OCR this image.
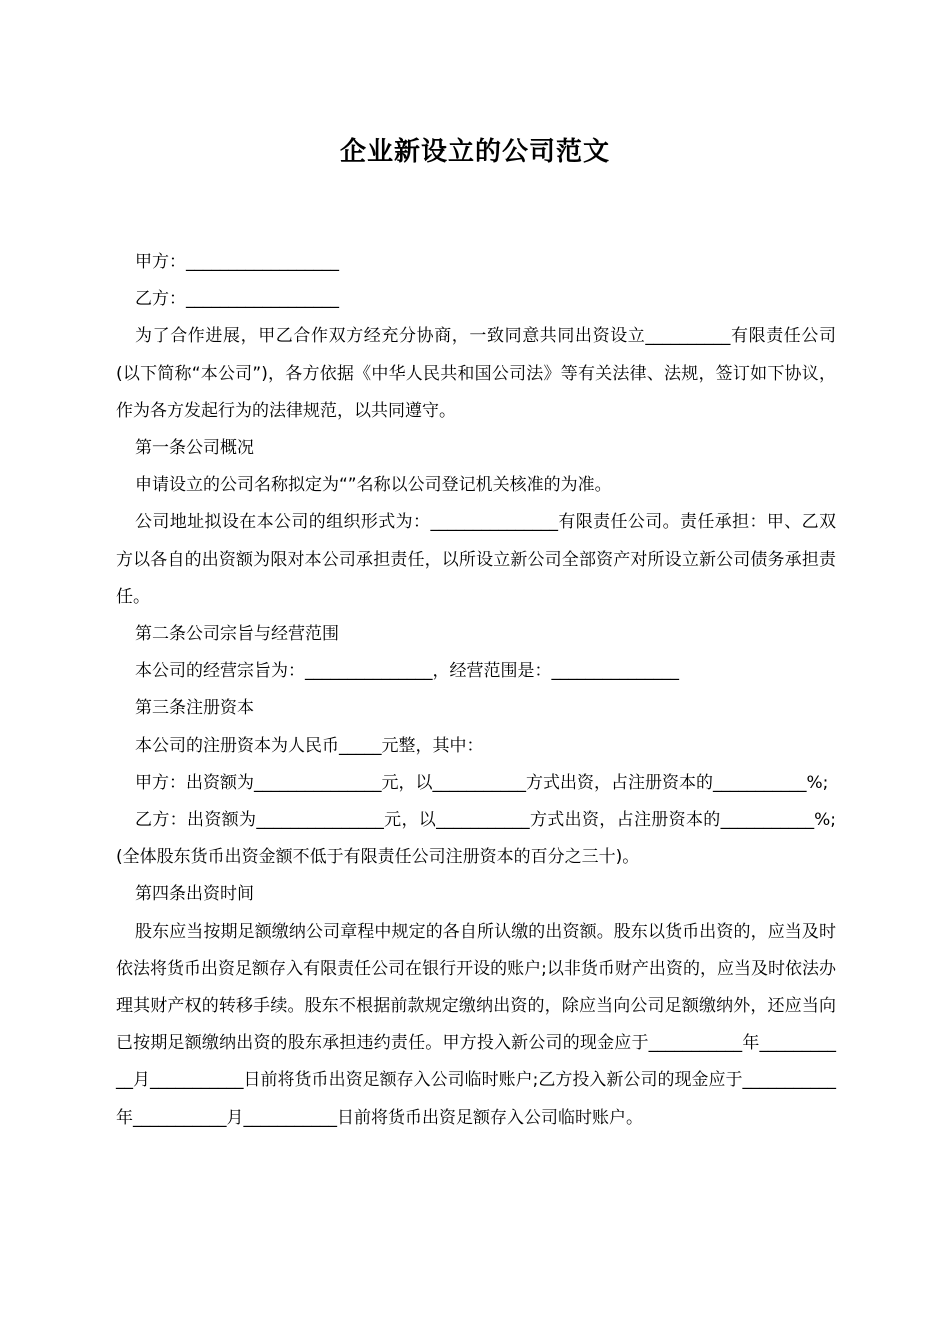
企业新设立的公司范文

甲方：__________________

乙方：__________________

为了合作进展，甲乙合作双方经充分协商，一致同意共同出资设立__________有限责任公司(以下简称“本公司”)，各方依据《中华人民共和国公司法》等有关法律、法规，签订如下协议，作为各方发起行为的法律规范，以共同遵守。

第一条公司概况

申请设立的公司名称拟定为“”名称以公司登记机关核准的为准。

公司地址拟设在本公司的组织形式为：_______________有限责任公司。责任承担：甲、乙双方以各自的出资额为限对本公司承担责任，以所设立新公司全部资产对所设立新公司债务承担责任。

第二条公司宗旨与经营范围

本公司的经营宗旨为：_______________，经营范围是：_______________

第三条注册资本

本公司的注册资本为人民币_____元整，其中：

甲方：出资额为_______________元，以___________方式出资，占注册资本的___________%;

乙方：出资额为_______________元，以___________方式出资，占注册资本的___________%;(全体股东货币出资金额不低于有限责任公司注册资本的百分之三十)。

第四条出资时间

股东应当按期足额缴纳公司章程中规定的各自所认缴的出资额。股东以货币出资的，应当及时依法将货币出资足额存入有限责任公司在银行开设的账户;以非货币财产出资的，应当及时依法办理其财产权的转移手续。股东不根据前款规定缴纳出资的，除应当向公司足额缴纳外，还应当向已按期足额缴纳出资的股东承担违约责任。甲方投入新公司的现金应于___________年___________月___________日前将货币出资足额存入公司临时账户;乙方投入新公司的现金应于___________年___________月___________日前将货币出资足额存入公司临时账户。
